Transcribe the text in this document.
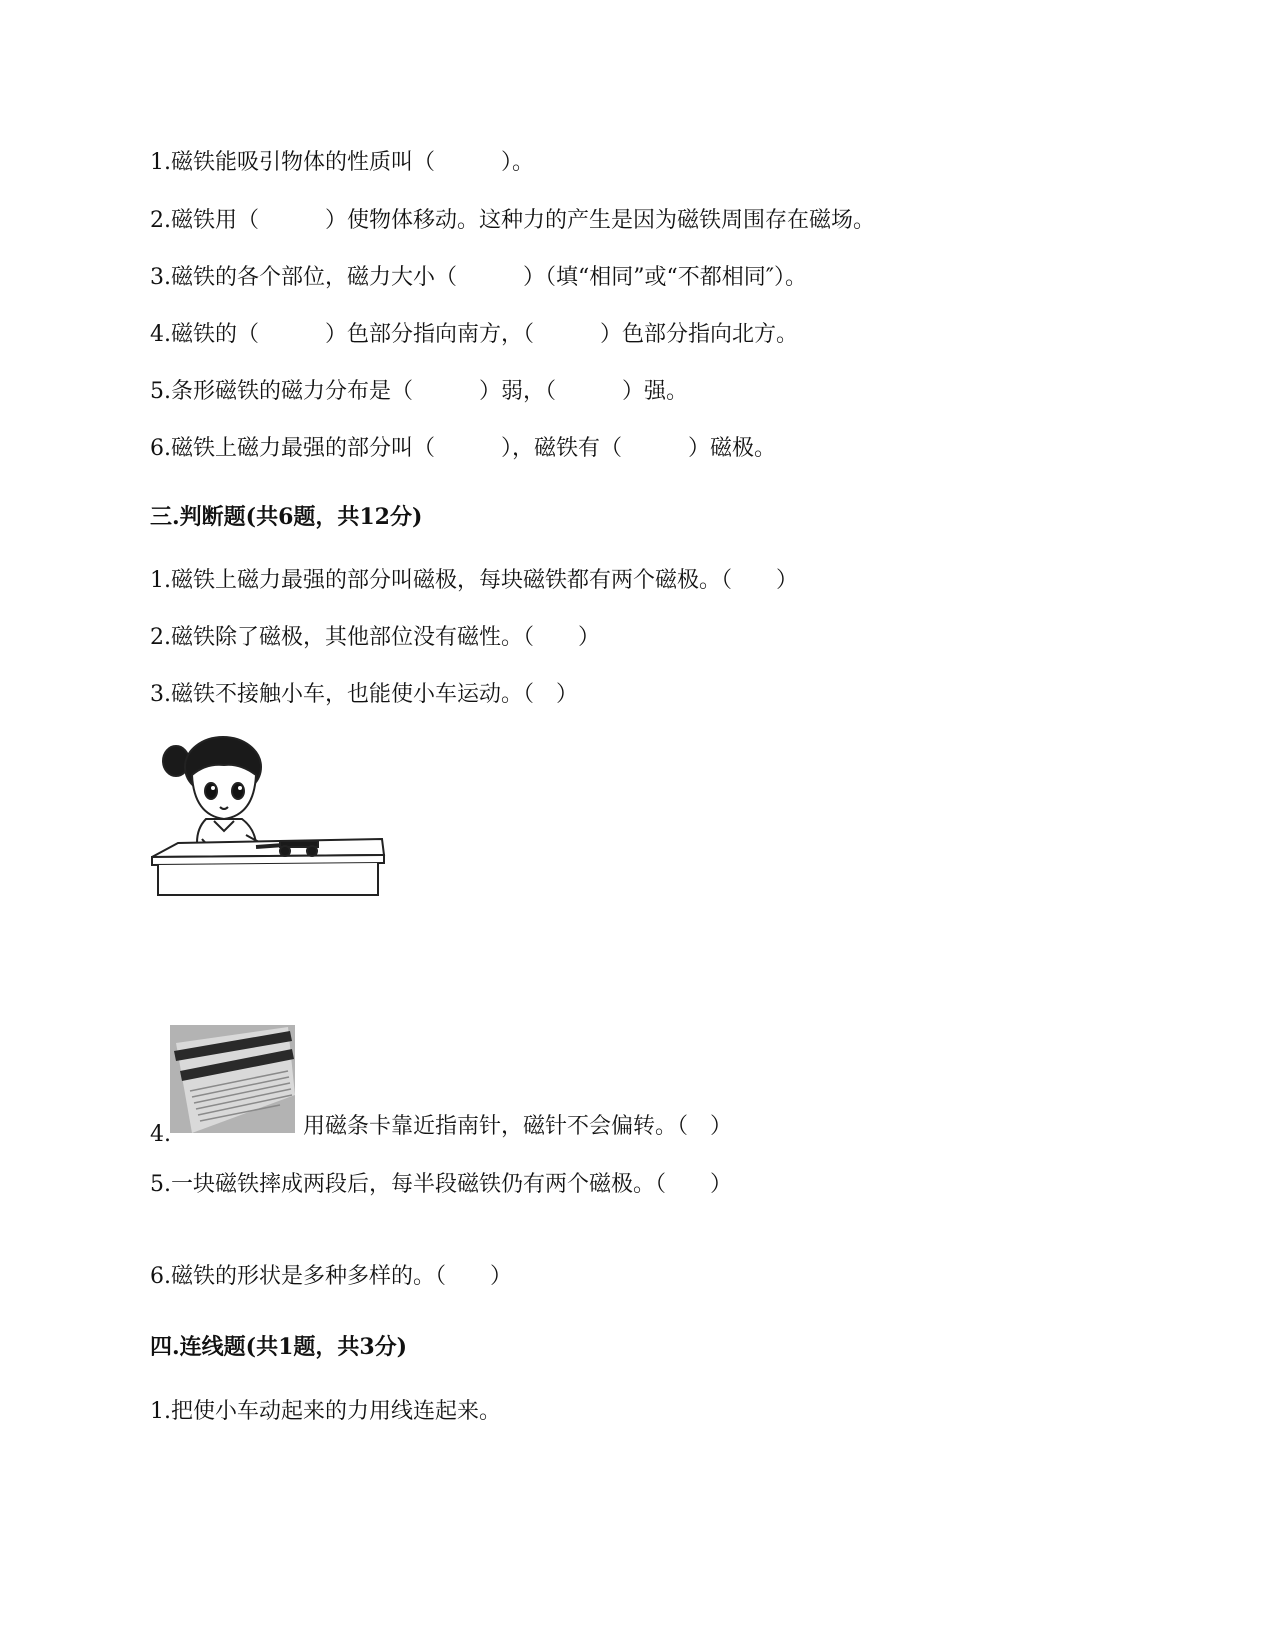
1.磁铁能吸引物体的性质叫（　　　）。
2.磁铁用（　　　）使物体移动。这种力的产生是因为磁铁周围存在磁场。
3.磁铁的各个部位，磁力大小（　　　）（填“相同”或“不都相同″）。
4.磁铁的（　　　）色部分指向南方，（　　　）色部分指向北方。
5.条形磁铁的磁力分布是（　　　）弱，（　　　）强。
6.磁铁上磁力最强的部分叫（　　　），磁铁有（　　　）磁极。
三.判断题(共6题，共12分)
1.磁铁上磁力最强的部分叫磁极，每块磁铁都有两个磁极。（　　）
2.磁铁除了磁极，其他部位没有磁性。（　　）
3.磁铁不接触小车，也能使小车运动。（　）
4.	用磁条卡靠近指南针，磁针不会偏转。（　）
5.一块磁铁摔成两段后，每半段磁铁仍有两个磁极。（　　）
6.磁铁的形状是多种多样的。（　　）
四.连线题(共1题，共3分)
1.把使小车动起来的力用线连起来。
